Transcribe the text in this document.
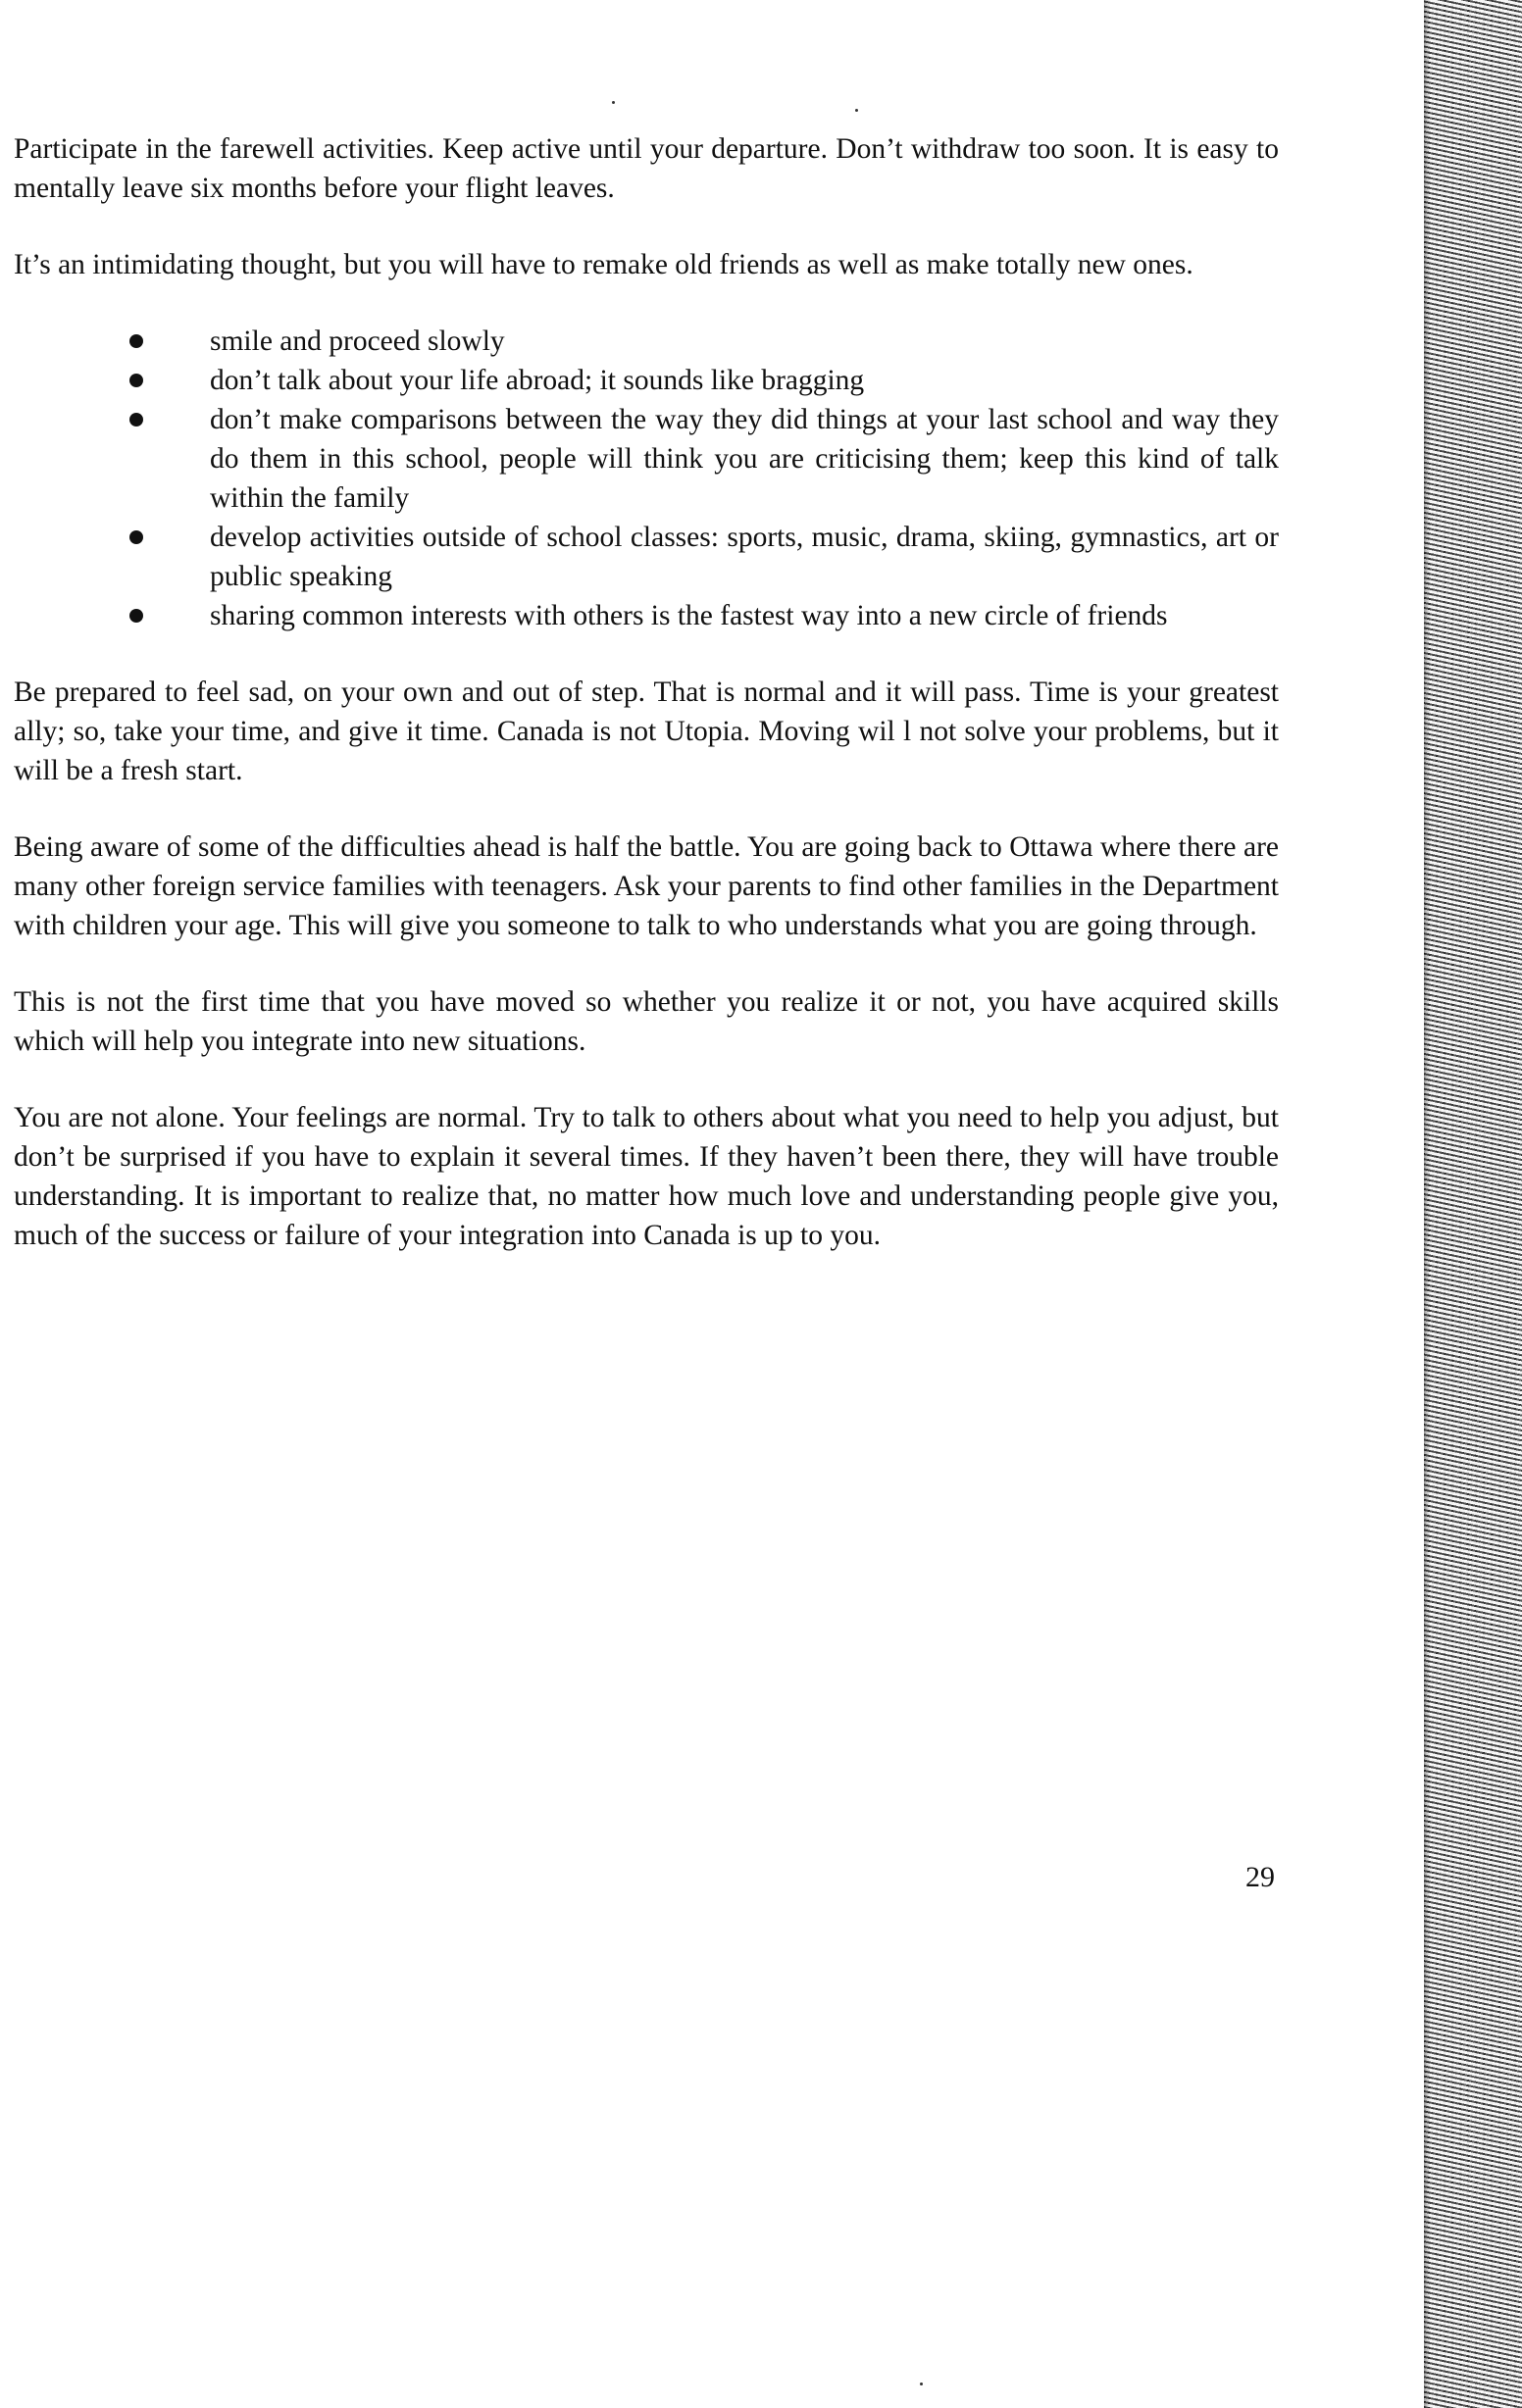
Participate in the farewell activities. Keep active until your departure. Don’t withdraw too soon. It is easy to mentally leave six months before your flight leaves.

It’s an intimidating thought, but you will have to remake old friends as well as make totally new ones.

smile and proceed slowly
don’t talk about your life abroad; it sounds like bragging
don’t make comparisons between the way they did things at your last school and way they do them in this school, people will think you are criticising them; keep this kind of talk within the family
develop activities outside of school classes: sports, music, drama, skiing, gymnastics, art or public speaking
sharing common interests with others is the fastest way into a new circle of friends

Be prepared to feel sad, on your own and out of step. That is normal and it will pass. Time is your greatest ally; so, take your time, and give it time. Canada is not Utopia. Moving wil l not solve your problems, but it will be a fresh start.

Being aware of some of the difficulties ahead is half the battle. You are going back to Ottawa where there are many other foreign service families with teenagers. Ask your parents to find other families in the Department with children your age. This will give you someone to talk to who understands what you are going through.

This is not the first time that you have moved so whether you realize it or not, you have acquired skills which will help you integrate into new situations.

You are not alone. Your feelings are normal. Try to talk to others about what you need to help you adjust, but don’t be surprised if you have to explain it several times. If they haven’t been there, they will have trouble understanding. It is important to realize that, no matter how much love and understanding people give you, much of the success or failure of your integration into Canada is up to you.

29
